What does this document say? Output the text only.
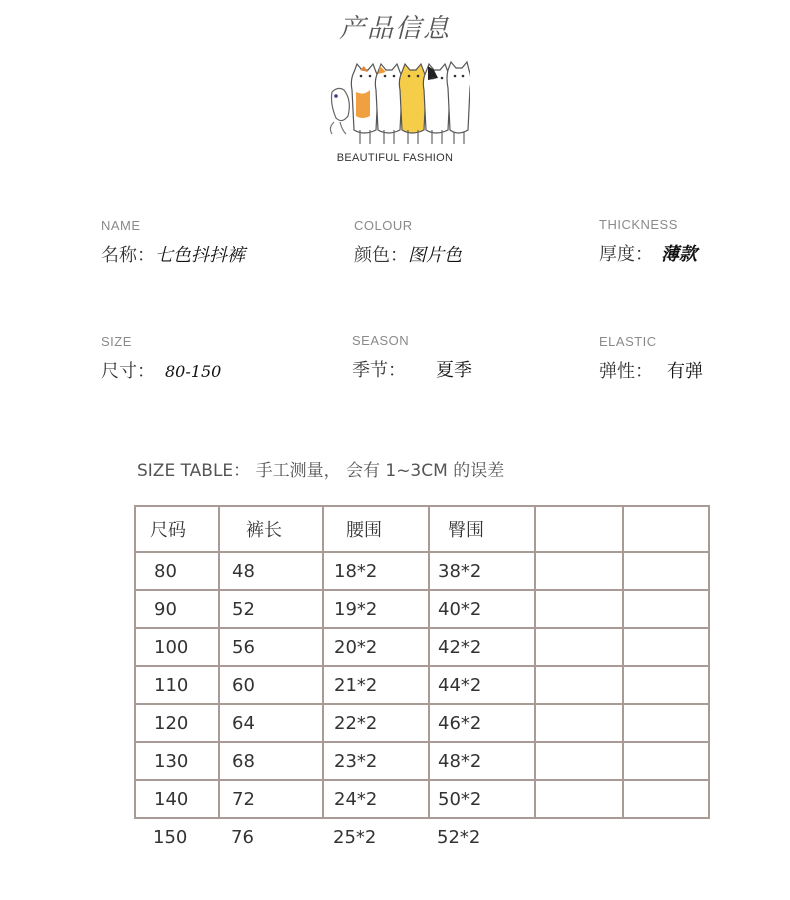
产品信息
BEAUTIFUL FASHION
NAME
名称：七色抖抖裤
COLOUR
颜色：图片色
THICKNESS
厚度： 薄款
SIZE
尺寸： 80-150
SEASON
季节： 夏季
ELASTIC
弹性： 有弹
SIZE TABLE： 手工测量， 会有 1~3CM 的误差
尺码	裤长	腰围	臀围		
80	48	18*2	38*2		
90	52	19*2	40*2		
100	56	20*2	42*2		
110	60	21*2	44*2		
120	64	22*2	46*2		
130	68	23*2	48*2		
140	72	24*2	50*2		
150	76	25*2	52*2		
